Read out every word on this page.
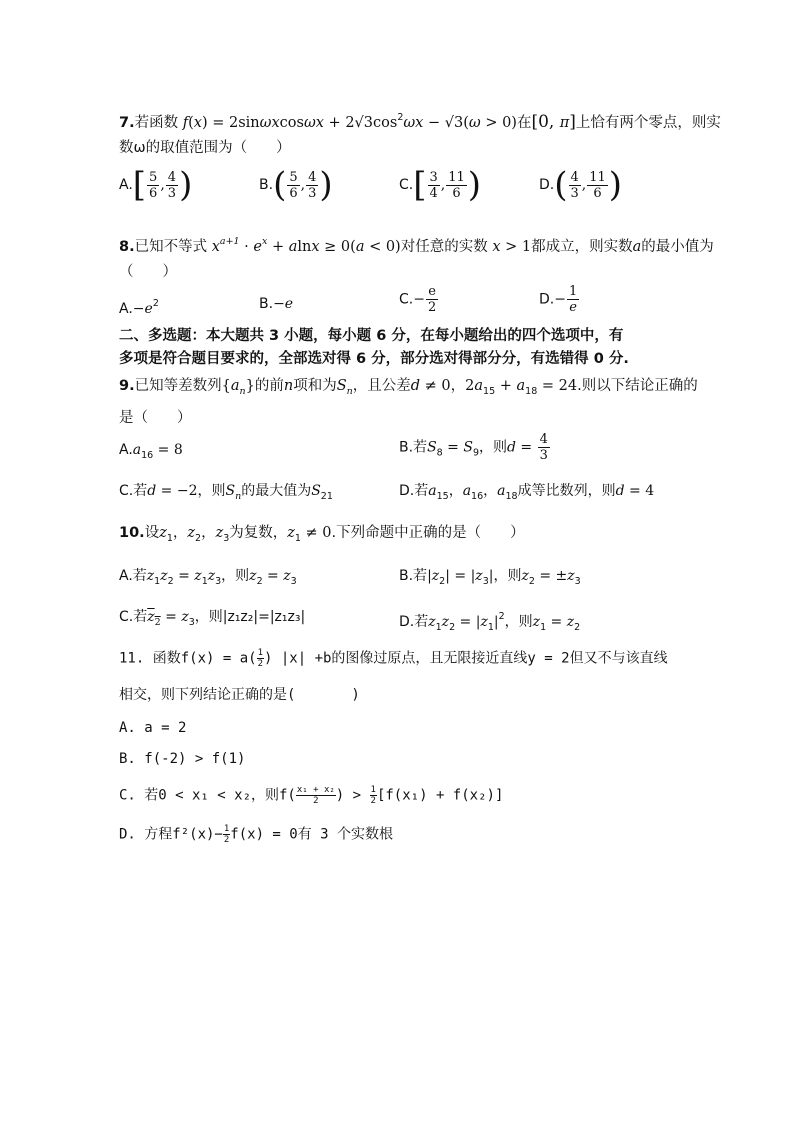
7.若函数 $f(x) = 2\sin\omega xcos\omega x + 2√3\cos^2\omega x - √3(\omega > 0)$在[0, π]上恰有两个零点，则实
数ω的取值范围为（　　）
$A.[ \frac{5}{6}$ , $\frac{4}{3}$ )	$B.( \frac{5}{6}$ , $\frac{4}{3}$ )	$C.[ \frac{3}{4}$ , $\frac{11}{6}$ )	$D.( \frac{4}{3}$ , $\frac{11}{6}$ )
8.已知不等式 $x^{a+1} \cdot e^x + alnx \ge 0(a < 0)$对任意的实数 x > 1都成立，则实数a的最小值为
（　　）
$A.-e^2$	B.−e	$C.- \frac{e}{2}$	$D.- \frac{1}{e}$
二、多选题：本大题共 3 小题，每小题 6 分，在每小题给出的四个选项中，有
多项是符合题目要求的，全部选对得 6 分，部分选对得部分分，有选错得 0 分.
9.已知等差数列$\{a_n\}$的前n项和为$S_n$，且公差d ≠ 0，$2a_{15} + a_{18} = 24$.则以下结论正确的
是（　　）
$A.a_{16} = 8$	B.若$S_8 = S_9$，则$d = \frac{4}{3}$
C.若d = −2，则$S_n$的最大值为$S_{21}$	D.若$a_{15}$，$a_{16}$，$a_{18}$成等比数列，则d = 4
10.设$z_1$，$z_2$，$z_3$为复数，$z_1 \ne 0$.下列命题中正确的是（　　）
A.若$z_1z_2 = z_1z_3$，则$z_2 = z_3$	B.若$|z_2| = |z_3|$，则$z_2 = \pm z_3$
C.若$z_2 = z_3$，则|z₁z₂|=|z₁z₃|	D.若$z_1z_2 = |z_1|^2$，则$z_1 = z_2$
11. 函数$f(x) = a( \frac{1}{2}$ ) |x| +b的图像过原点，且无限接近直线y = 2但又不与该直线
相交，则下列结论正确的是(　　　　)
A. a = 2
B. f(-2) > f(1)
C. 若0 < x₁ < x₂，则$f( \frac{\text{x₁ + x₂}}{2}$ ) > $\frac{1}{2} [f(x_1) + f(x_2)]$
D. 方程$f^2(x)- \frac{1}{2} f(x) = 0$有 3 个实数根
